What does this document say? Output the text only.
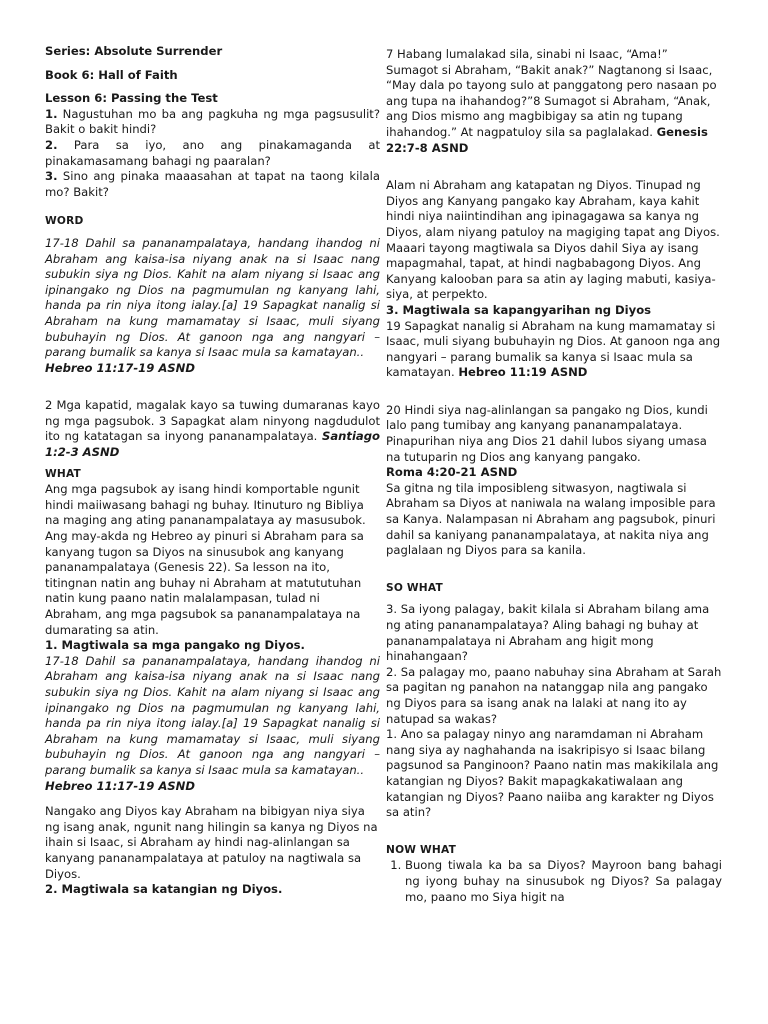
Series: Absolute Surrender

Book 6: Hall of Faith

Lesson 6: Passing the Test

1. Nagustuhan mo ba ang pagkuha ng mga pagsusulit? Bakit o bakit hindi?

2. Para sa iyo, ano ang pinakamaganda at pinakamasamang bahagi ng paaralan?

3. Sino ang pinaka maaasahan at tapat na taong kilala mo? Bakit?

WORD

17-18 Dahil sa pananampalataya, handang ihandog ni Abraham ang kaisa-isa niyang anak na si Isaac nang subukin siya ng Dios. Kahit na alam niyang si Isaac ang ipinangako ng Dios na pagmumulan ng kanyang lahi, handa pa rin niya itong ialay.[a] 19 Sapagkat nanalig si Abraham na kung mamamatay si Isaac, muli siyang bubuhayin ng Dios. At ganoon nga ang nangyari – parang bumalik sa kanya si Isaac mula sa kamatayan..

Hebreo 11:17-19 ASND

2 Mga kapatid, magalak kayo sa tuwing dumaranas kayo ng mga pagsubok. 3 Sapagkat alam ninyong nagdudulot ito ng katatagan sa inyong pananampalataya. Santiago 1:2-3 ASND

WHAT

Ang mga pagsubok ay isang hindi komportable ngunit hindi maiiwasang bahagi ng buhay. Itinuturo ng Bibliya na maging ang ating pananampalataya ay masusubok. Ang may-akda ng Hebreo ay pinuri si Abraham para sa kanyang tugon sa Diyos na sinusubok ang kanyang pananampalataya (Genesis 22). Sa lesson na ito, titingnan natin ang buhay ni Abraham at matututuhan natin kung paano natin malalampasan, tulad ni Abraham, ang mga pagsubok sa pananampalataya na dumarating sa atin.

1. Magtiwala sa mga pangako ng Diyos.

17-18 Dahil sa pananampalataya, handang ihandog ni Abraham ang kaisa-isa niyang anak na si Isaac nang subukin siya ng Dios. Kahit na alam niyang si Isaac ang ipinangako ng Dios na pagmumulan ng kanyang lahi, handa pa rin niya itong ialay.[a] 19 Sapagkat nanalig si Abraham na kung mamamatay si Isaac, muli siyang bubuhayin ng Dios. At ganoon nga ang nangyari – parang bumalik sa kanya si Isaac mula sa kamatayan..

Hebreo 11:17-19 ASND

Nangako ang Diyos kay Abraham na bibigyan niya siya ng isang anak, ngunit nang hilingin sa kanya ng Diyos na ihain si Isaac, si Abraham ay hindi nag-alinlangan sa kanyang pananampalataya at patuloy na nagtiwala sa Diyos.

2. Magtiwala sa katangian ng Diyos.

7 Habang lumalakad sila, sinabi ni Isaac, “Ama!” Sumagot si Abraham, “Bakit anak?” Nagtanong si Isaac, “May dala po tayong sulo at panggatong pero nasaan po ang tupa na ihahandog?”8 Sumagot si Abraham, “Anak, ang Dios mismo ang magbibigay sa atin ng tupang ihahandog.” At nagpatuloy sila sa paglalakad. Genesis 22:7-8 ASND

Alam ni Abraham ang katapatan ng Diyos. Tinupad ng Diyos ang Kanyang pangako kay Abraham, kaya kahit hindi niya naiintindihan ang ipinagagawa sa kanya ng Diyos, alam niyang patuloy na magiging tapat ang Diyos. Maaari tayong magtiwala sa Diyos dahil Siya ay isang mapagmahal, tapat, at hindi nagbabagong Diyos. Ang Kanyang kalooban para sa atin ay laging mabuti, kasiya-siya, at perpekto.

3. Magtiwala sa kapangyarihan ng Diyos

19 Sapagkat nanalig si Abraham na kung mamamatay si Isaac, muli siyang bubuhayin ng Dios. At ganoon nga ang nangyari – parang bumalik sa kanya si Isaac mula sa kamatayan. Hebreo 11:19 ASND

20 Hindi siya nag-alinlangan sa pangako ng Dios, kundi lalo pang tumibay ang kanyang pananampalataya. Pinapurihan niya ang Dios 21 dahil lubos siyang umasa na tutuparin ng Dios ang kanyang pangako.

Roma 4:20-21 ASND

Sa gitna ng tila imposibleng sitwasyon, nagtiwala si Abraham sa Diyos at naniwala na walang imposible para sa Kanya. Nalampasan ni Abraham ang pagsubok, pinuri dahil sa kaniyang pananampalataya, at nakita niya ang paglalaan ng Diyos para sa kanila.

SO WHAT

3. Sa iyong palagay, bakit kilala si Abraham bilang ama ng ating pananampalataya? Aling bahagi ng buhay at pananampalataya ni Abraham ang higit mong hinahangaan?

2. Sa palagay mo, paano nabuhay sina Abraham at Sarah sa pagitan ng panahon na natanggap nila ang pangako ng Diyos para sa isang anak na lalaki at nang ito ay natupad sa wakas?

1. Ano sa palagay ninyo ang naramdaman ni Abraham nang siya ay naghahanda na isakripisyo si Isaac bilang pagsunod sa Panginoon? Paano natin mas makikilala ang katangian ng Diyos? Bakit mapagkakatiwalaan ang katangian ng Diyos? Paano naiiba ang karakter ng Diyos sa atin?

NOW WHAT

1. Buong tiwala ka ba sa Diyos? Mayroon bang bahagi ng iyong buhay na sinusubok ng Diyos? Sa palagay mo, paano mo Siya higit na
